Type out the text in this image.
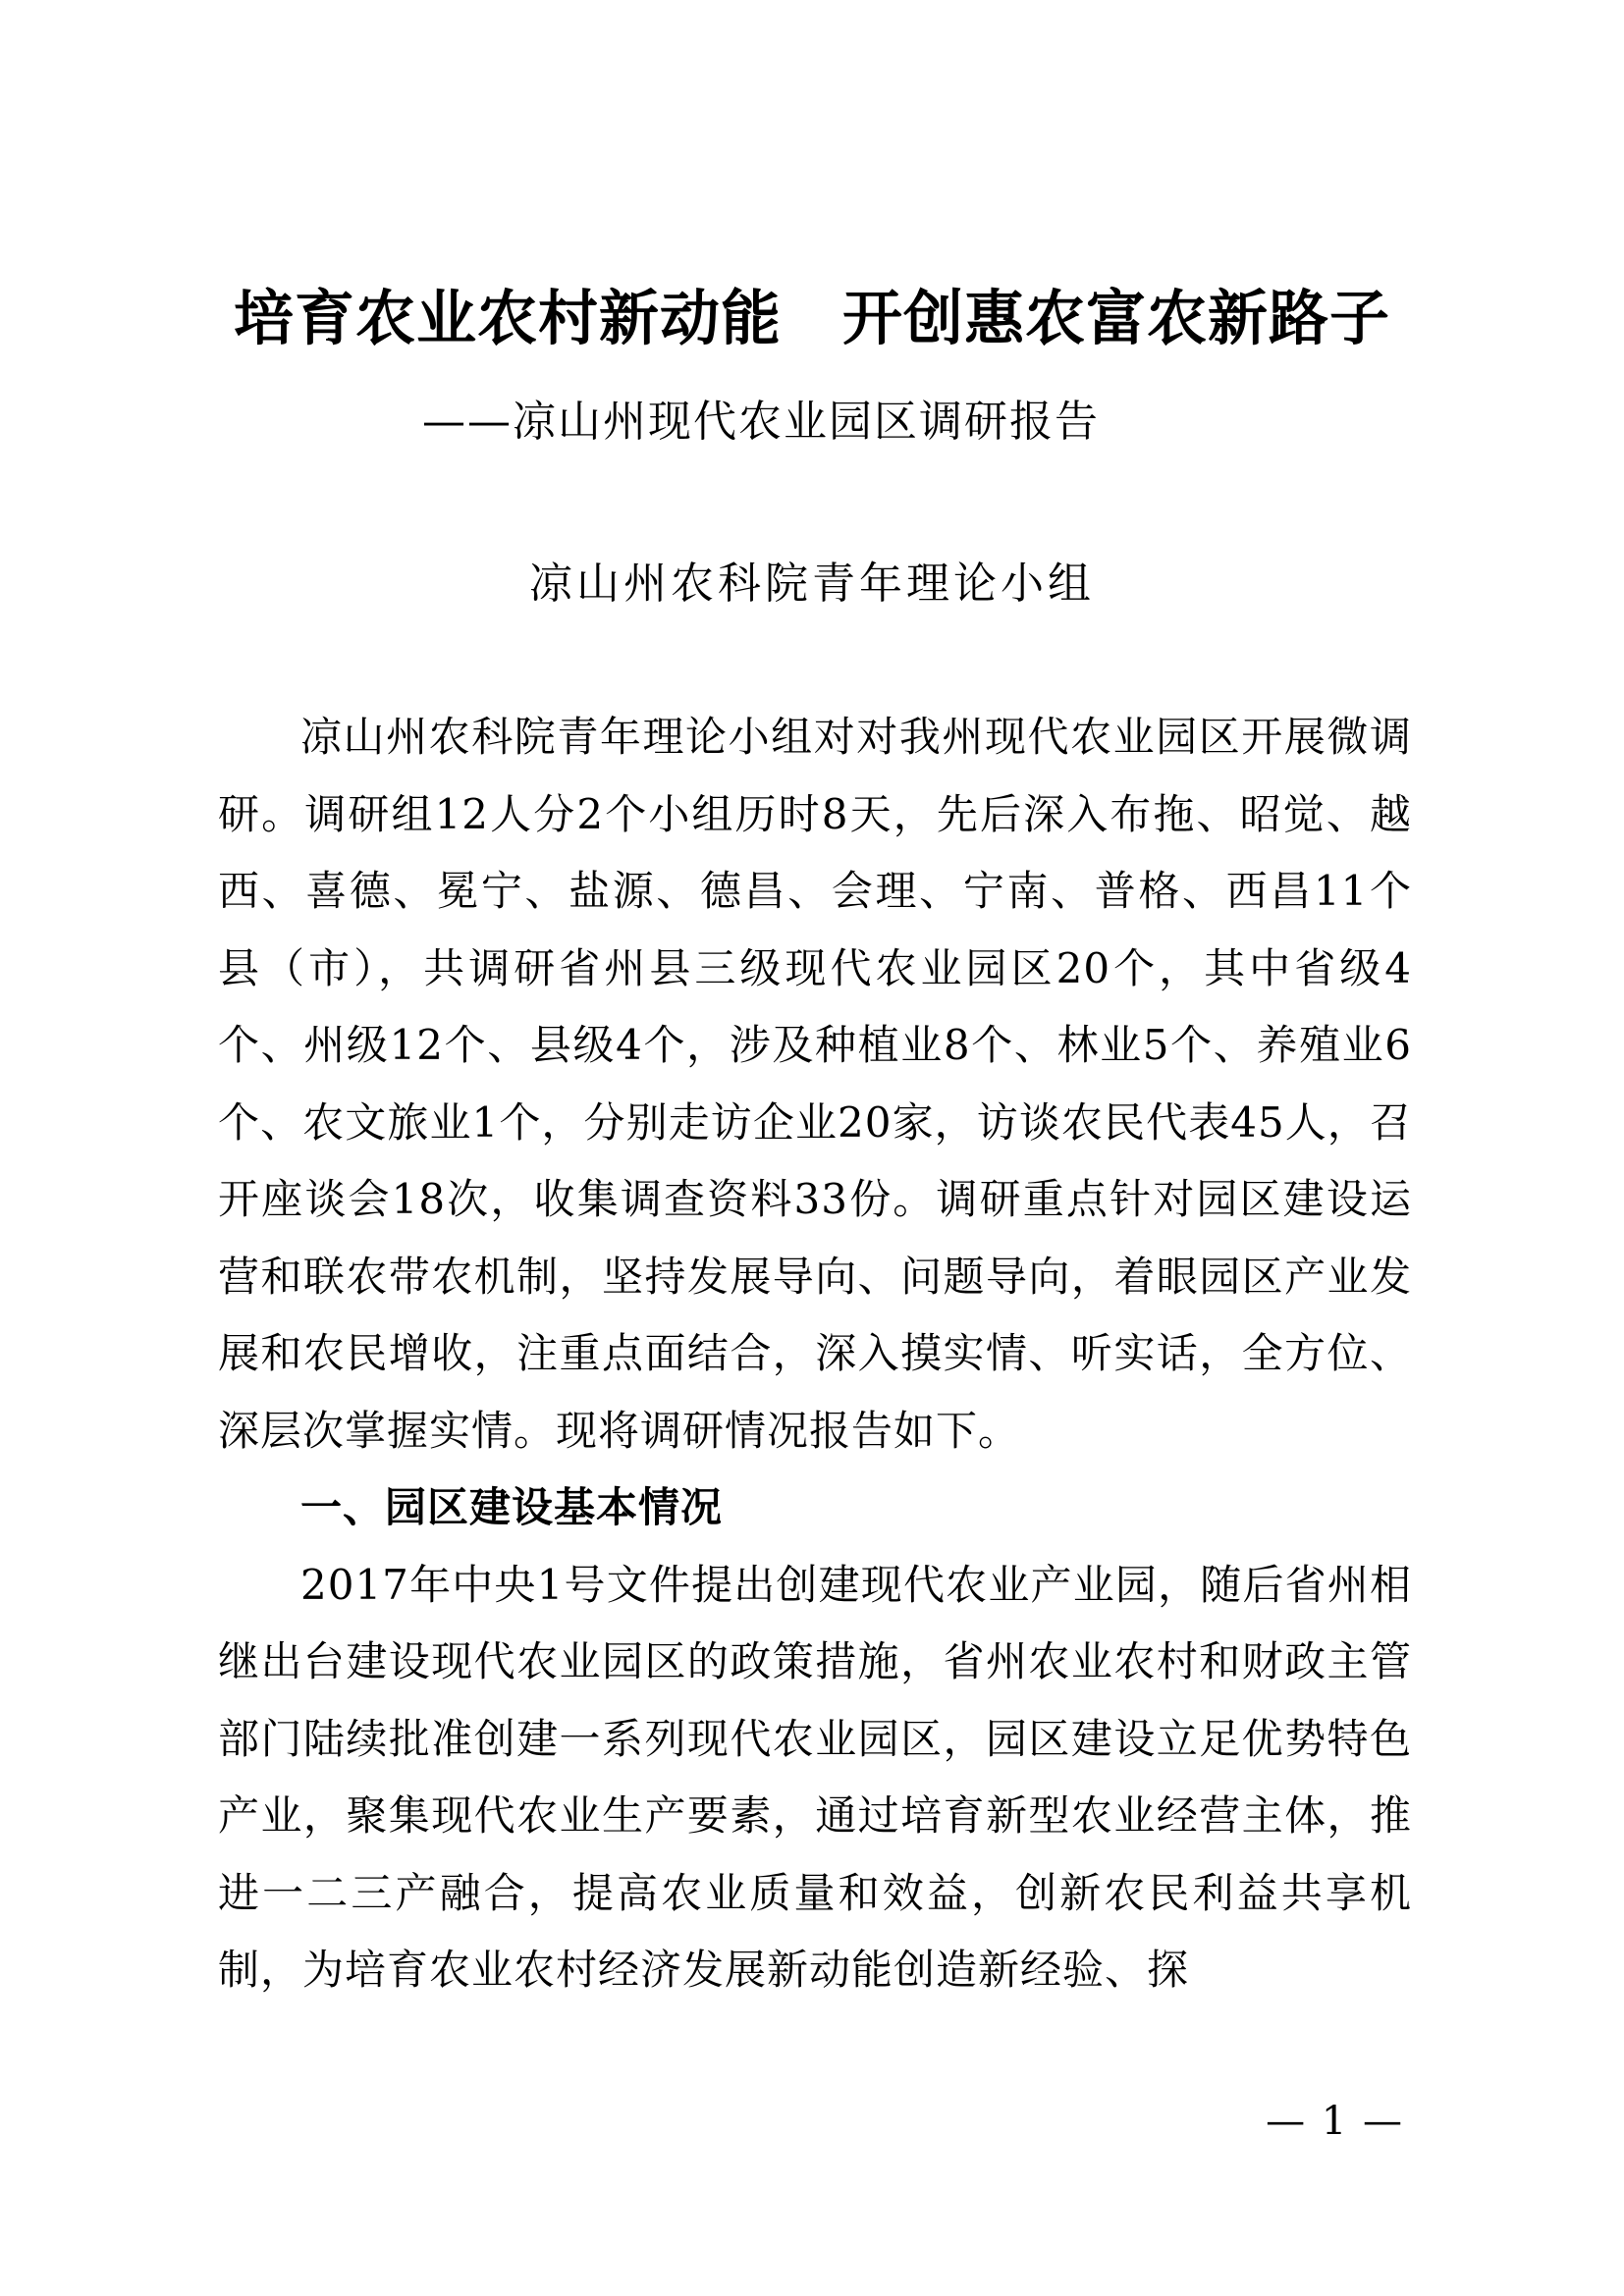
培育农业农村新动能　开创惠农富农新路子
——凉山州现代农业园区调研报告
凉山州农科院青年理论小组

凉山州农科院青年理论小组对对我州现代农业园区开展微调研。调研组12人分2个小组历时8天，先后深入布拖、昭觉、越西、喜德、冕宁、盐源、德昌、会理、宁南、普格、西昌11个县（市），共调研省州县三级现代农业园区20个，其中省级4个、州级12个、县级4个，涉及种植业8个、林业5个、养殖业6个、农文旅业1个，分别走访企业20家，访谈农民代表45人，召开座谈会18次，收集调查资料33份。调研重点针对园区建设运营和联农带农机制，坚持发展导向、问题导向，着眼园区产业发展和农民增收，注重点面结合，深入摸实情、听实话，全方位、深层次掌握实情。现将调研情况报告如下。

一、园区建设基本情况

2017年中央1号文件提出创建现代农业产业园，随后省州相继出台建设现代农业园区的政策措施，省州农业农村和财政主管部门陆续批准创建一系列现代农业园区，园区建设立足优势特色产业，聚集现代农业生产要素，通过培育新型农业经营主体，推进一二三产融合，提高农业质量和效益，创新农民利益共享机制，为培育农业农村经济发展新动能创造新经验、探

— 1 —
